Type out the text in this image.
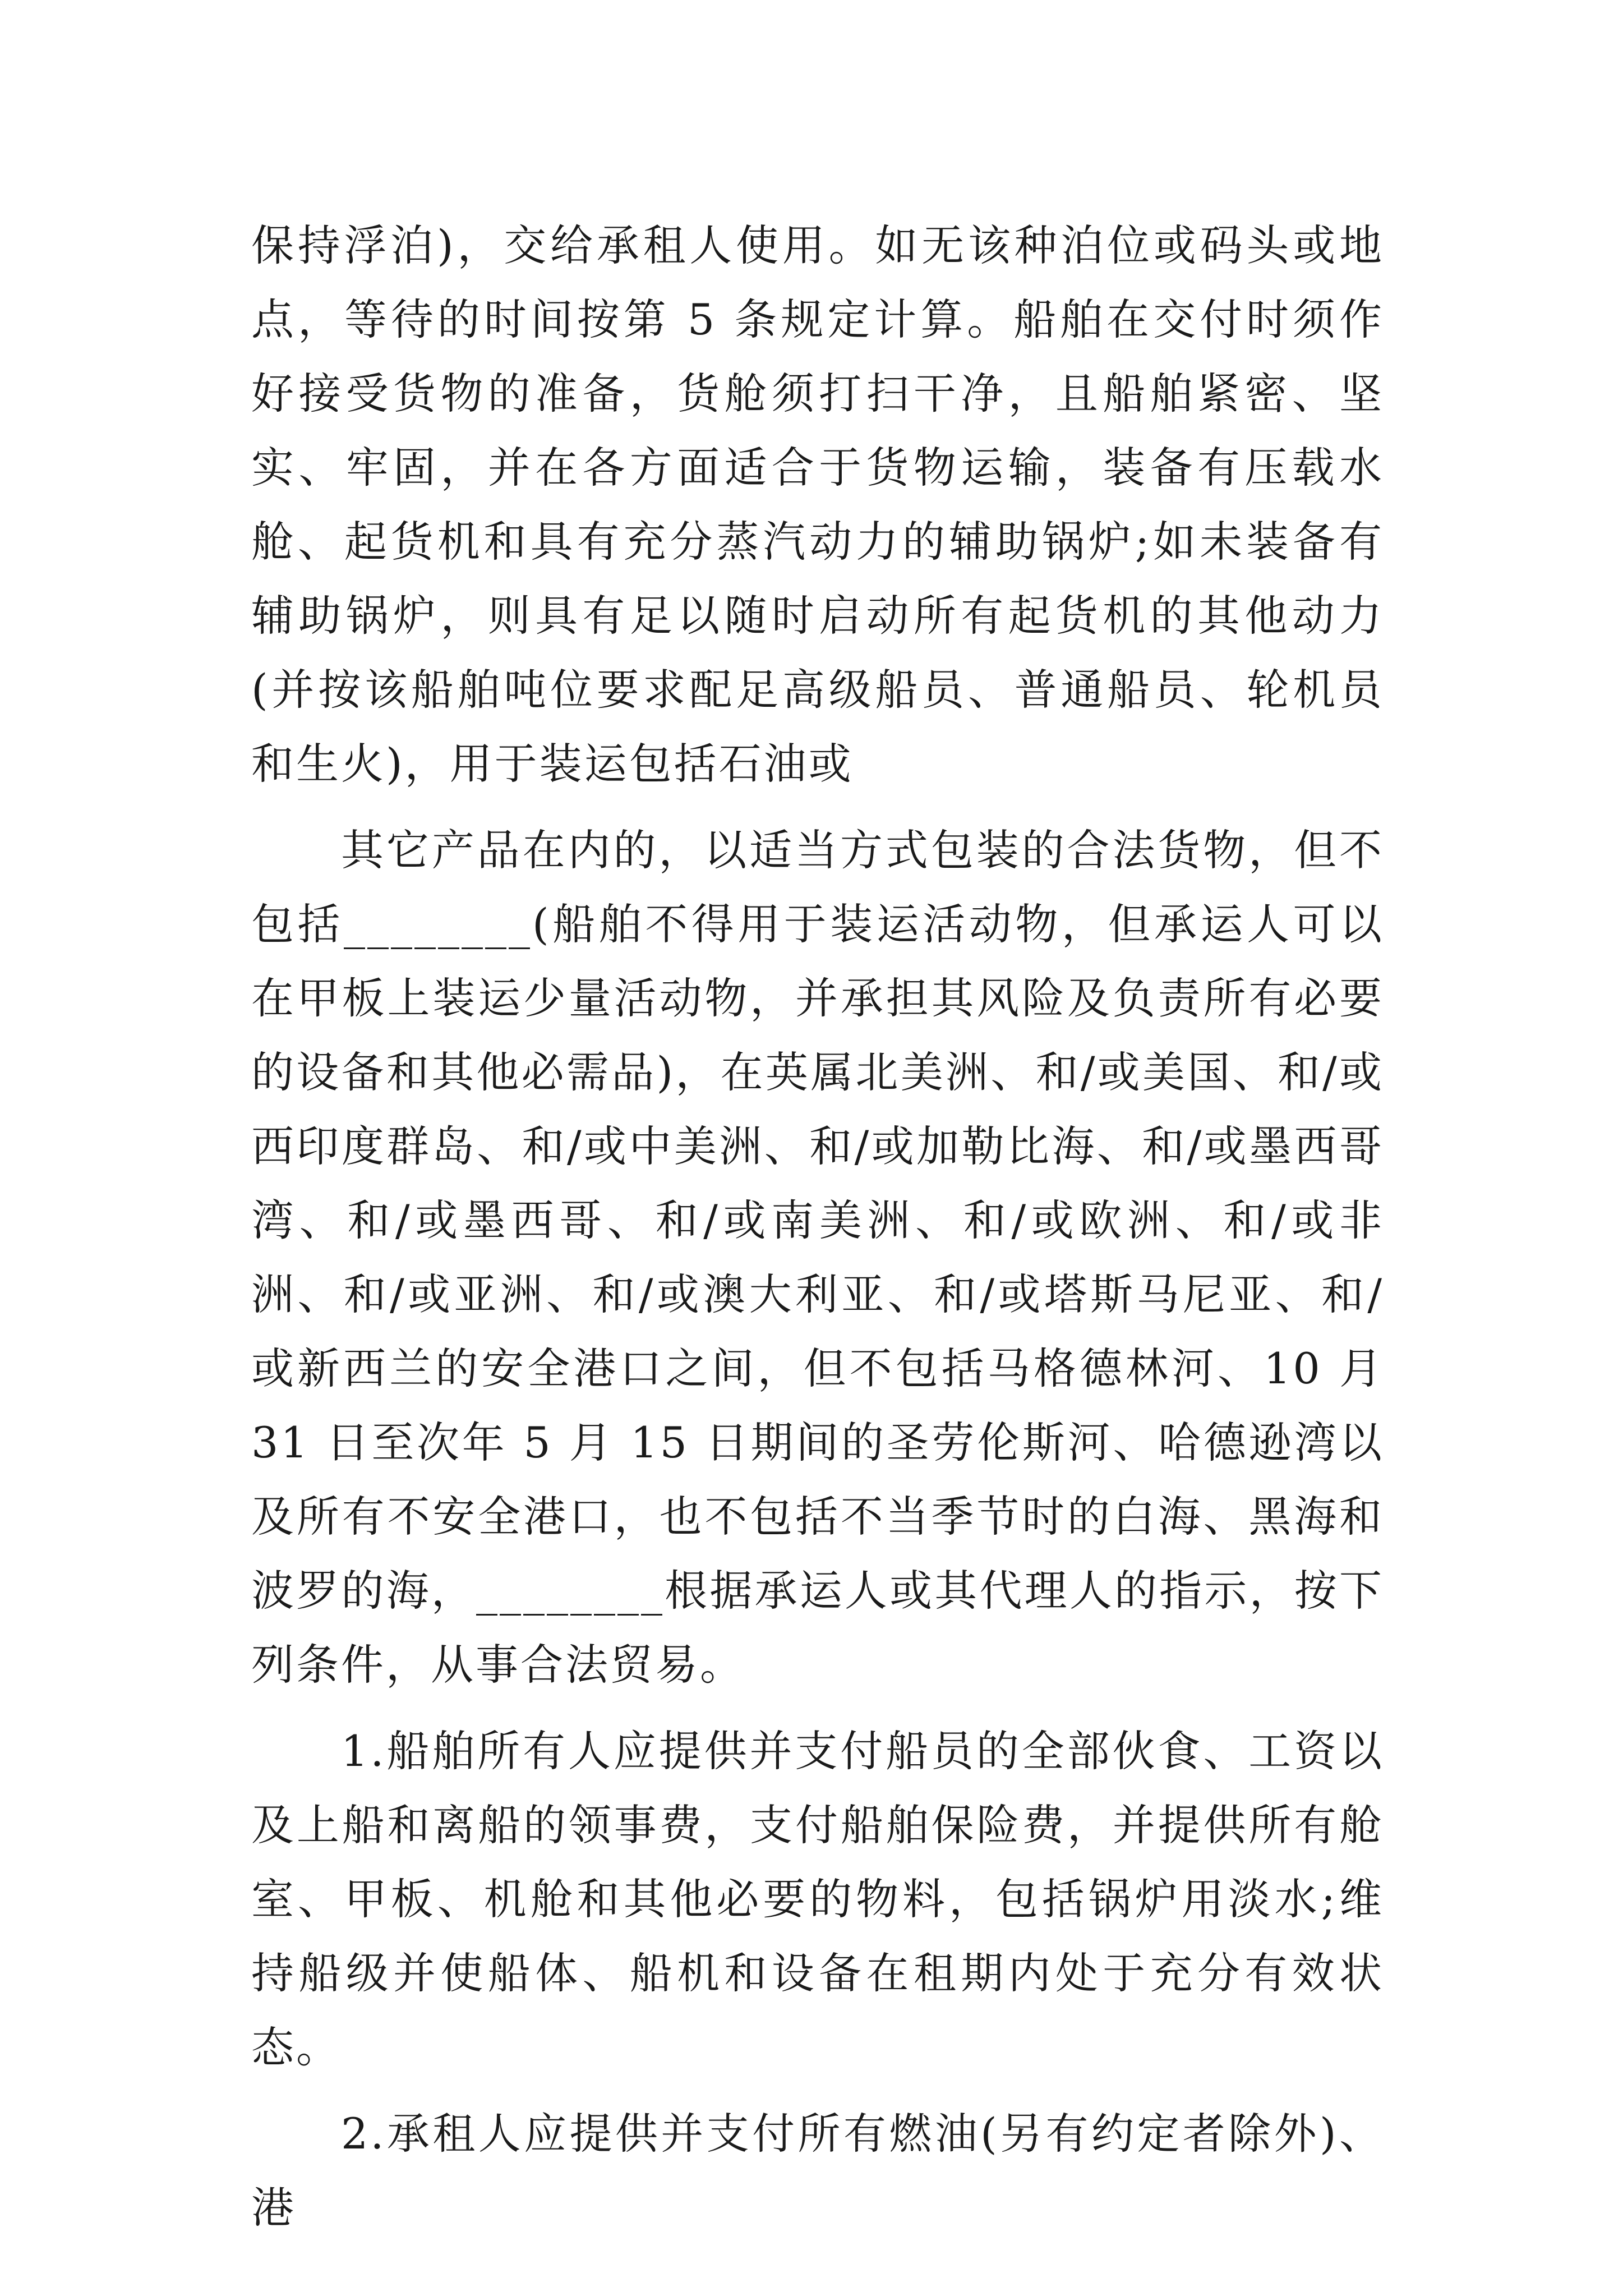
保持浮泊)，交给承租人使用。如无该种泊位或码头或地点，等待的时间按第 5 条规定计算。船舶在交付时须作好接受货物的准备，货舱须打扫干净，且船舶紧密、坚实、牢固，并在各方面适合于货物运输，装备有压载水舱、起货机和具有充分蒸汽动力的辅助锅炉;如未装备有辅助锅炉，则具有足以随时启动所有起货机的其他动力(并按该船舶吨位要求配足高级船员、普通船员、轮机员和生火)，用于装运包括石油或

其它产品在内的，以适当方式包装的合法货物，但不包括________(船舶不得用于装运活动物，但承运人可以在甲板上装运少量活动物，并承担其风险及负责所有必要的设备和其他必需品)，在英属北美洲、和/或美国、和/或西印度群岛、和/或中美洲、和/或加勒比海、和/或墨西哥湾、和/或墨西哥、和/或南美洲、和/或欧洲、和/或非洲、和/或亚洲、和/或澳大利亚、和/或塔斯马尼亚、和/或新西兰的安全港口之间，但不包括马格德林河、10 月 31 日至次年 5 月 15 日期间的圣劳伦斯河、哈德逊湾以及所有不安全港口，也不包括不当季节时的白海、黑海和波罗的海，________根据承运人或其代理人的指示，按下列条件，从事合法贸易。

1.船舶所有人应提供并支付船员的全部伙食、工资以及上船和离船的领事费，支付船舶保险费，并提供所有舱室、甲板、机舱和其他必要的物料，包括锅炉用淡水;维持船级并使船体、船机和设备在租期内处于充分有效状态。

2.承租人应提供并支付所有燃油(另有约定者除外)、港
